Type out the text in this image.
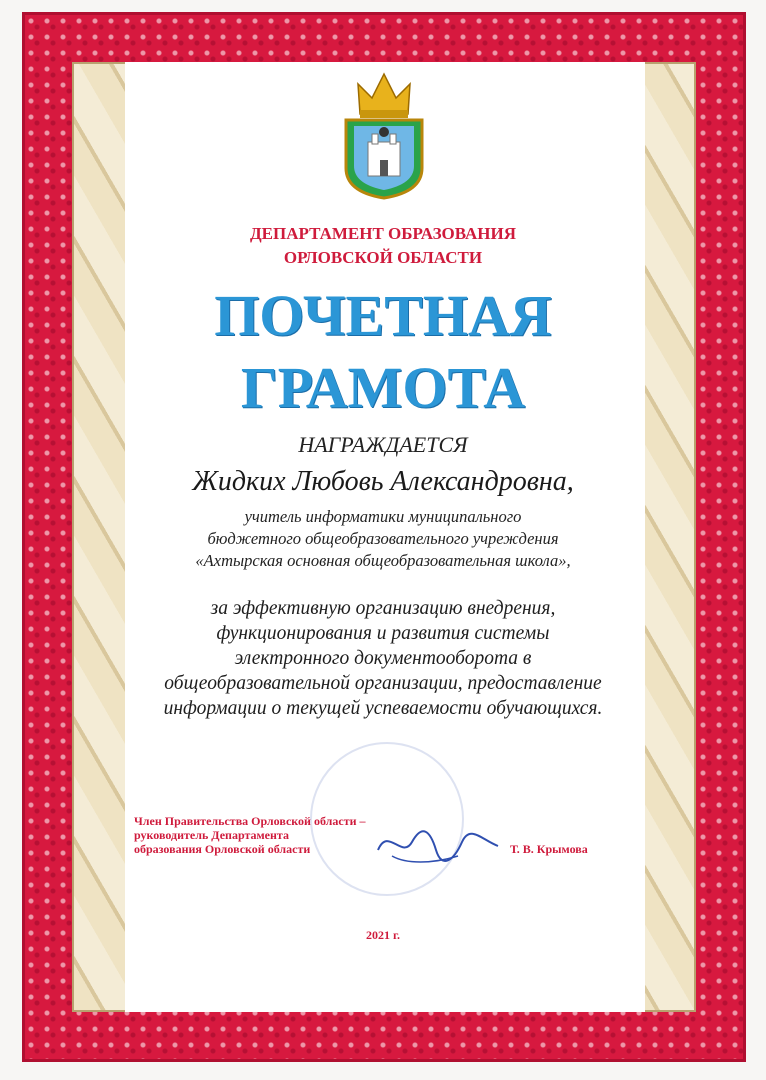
ДЕПАРТАМЕНТ ОБРАЗОВАНИЯ
ОРЛОВСКОЙ ОБЛАСТИ
ПОЧЕТНАЯ
ГРАМОТА
НАГРАЖДАЕТСЯ
Жидких Любовь Александровна,
учитель информатики муниципального
бюджетного общеобразовательного учреждения
«Ахтырская основная общеобразовательная школа»,
за эффективную организацию внедрения,
функционирования и развития системы
электронного документооборота в
общеобразовательной организации, предоставление
информации о текущей успеваемости обучающихся.
Член Правительства Орловской области –
руководитель Департамента
образования Орловской области	Т. В. Крымова
2021 г.
